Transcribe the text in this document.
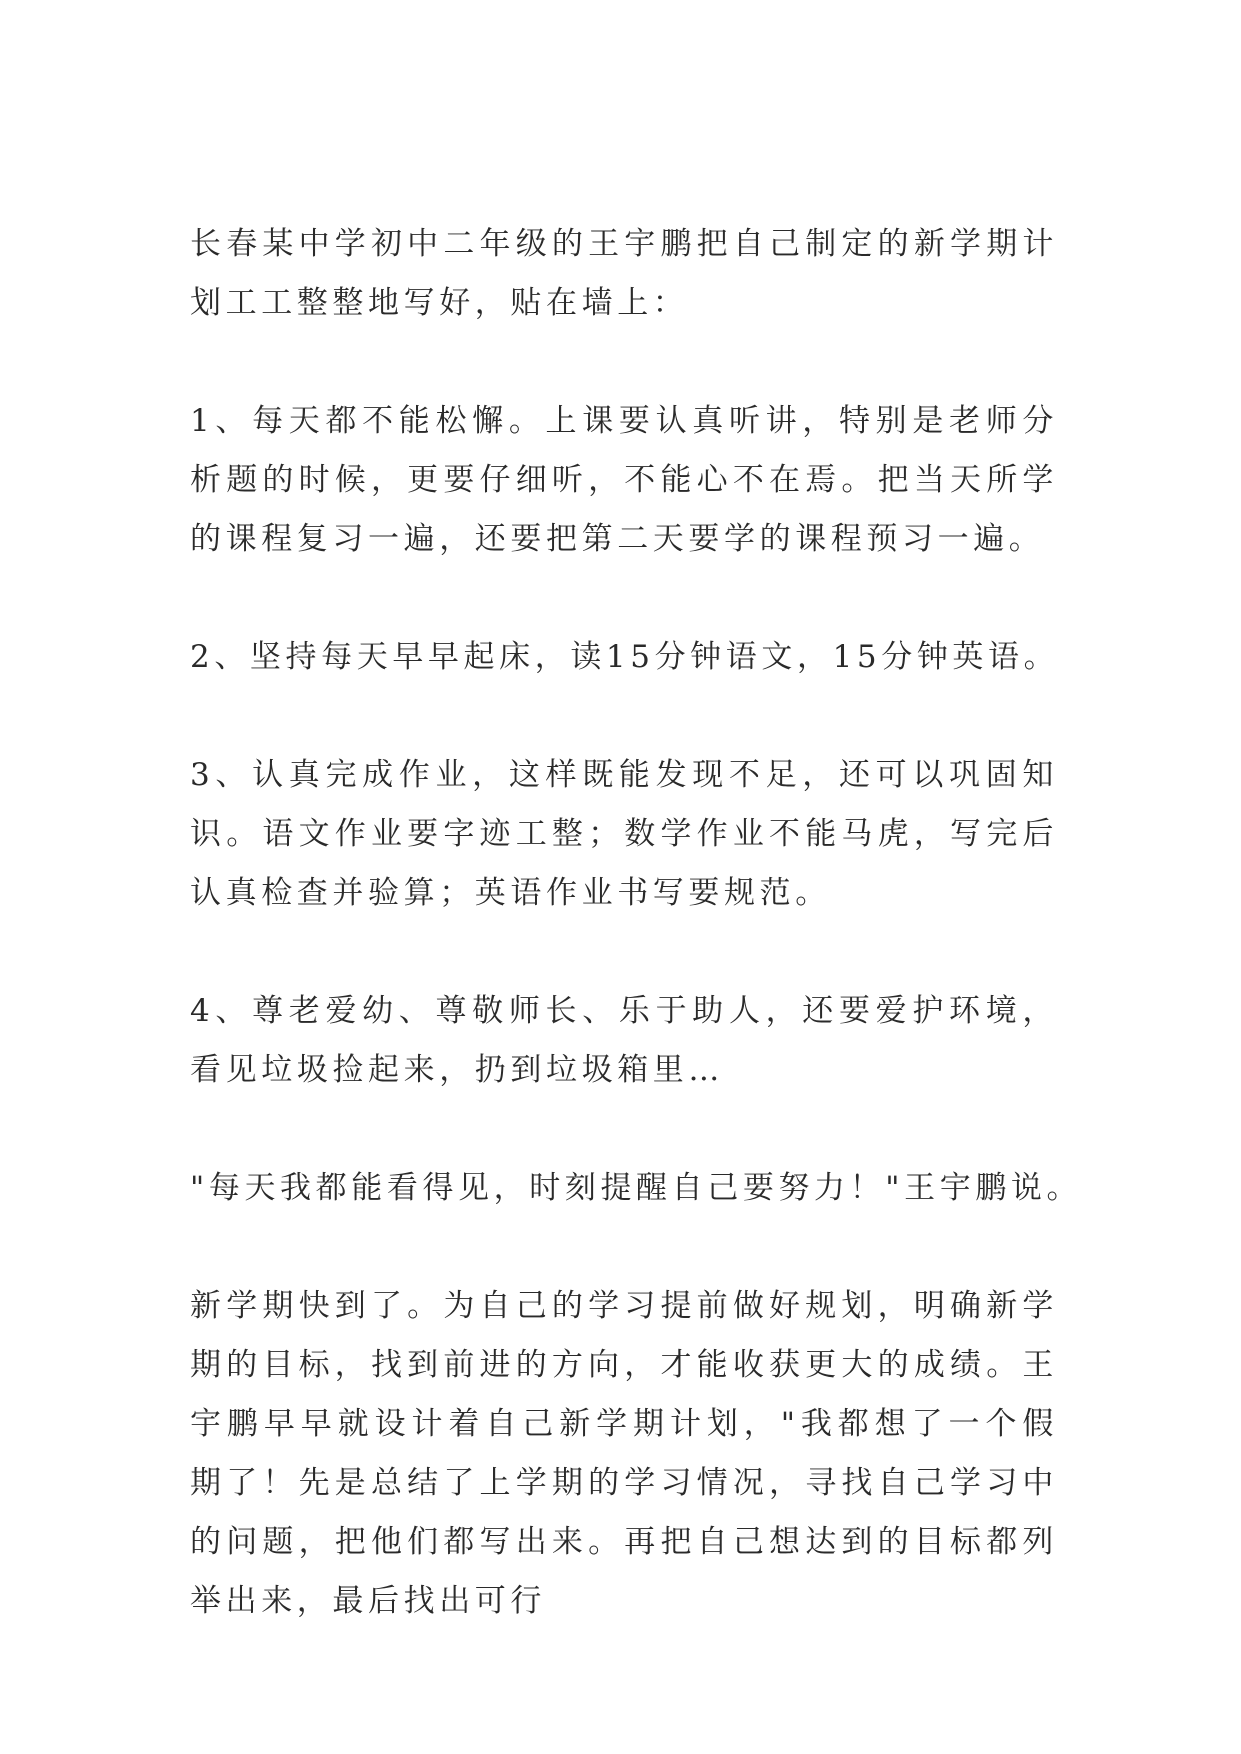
长春某中学初中二年级的王宇鹏把自己制定的新学期计划工工整整地写好，贴在墙上：

1、每天都不能松懈。上课要认真听讲，特别是老师分析题的时候，更要仔细听，不能心不在焉。把当天所学的课程复习一遍，还要把第二天要学的课程预习一遍。

2、坚持每天早早起床，读15分钟语文，15分钟英语。

3、认真完成作业，这样既能发现不足，还可以巩固知识。语文作业要字迹工整；数学作业不能马虎，写完后认真检查并验算；英语作业书写要规范。

4、尊老爱幼、尊敬师长、乐于助人，还要爱护环境，看见垃圾捡起来，扔到垃圾箱里…

"每天我都能看得见，时刻提醒自己要努力！"王宇鹏说。

新学期快到了。为自己的学习提前做好规划，明确新学期的目标，找到前进的方向，才能收获更大的成绩。王宇鹏早早就设计着自己新学期计划，"我都想了一个假期了！先是总结了上学期的学习情况，寻找自己学习中的问题，把他们都写出来。再把自己想达到的目标都列举出来，最后找出可行
